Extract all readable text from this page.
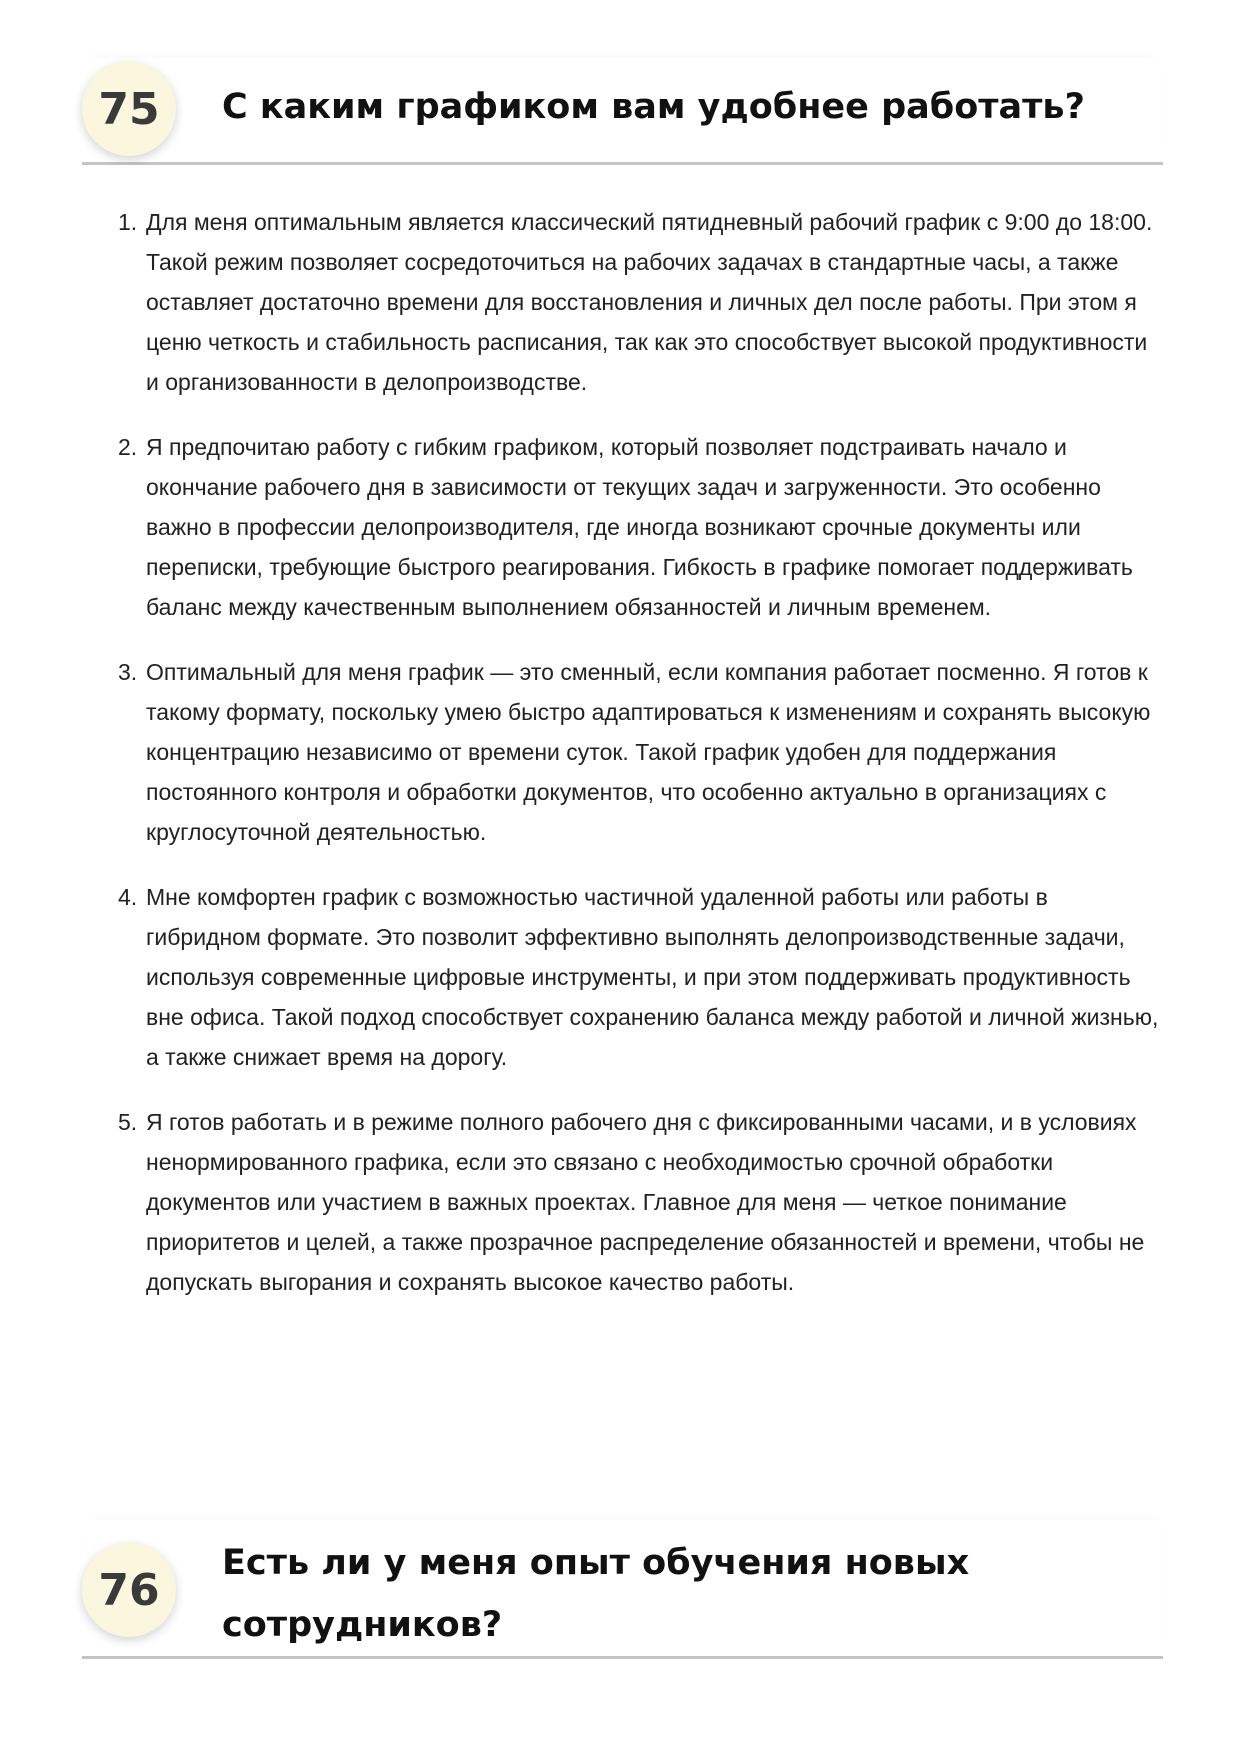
75	С каким графиком вам удобнее работать?
1. Для меня оптимальным является классический пятидневный рабочий график с 9:00 до 18:00. Такой режим позволяет сосредоточиться на рабочих задачах в стандартные часы, а также оставляет достаточно времени для восстановления и личных дел после работы. При этом я ценю четкость и стабильность расписания, так как это способствует высокой продуктивности и организованности в делопроизводстве.
2. Я предпочитаю работу с гибким графиком, который позволяет подстраивать начало и окончание рабочего дня в зависимости от текущих задач и загруженности. Это особенно важно в профессии делопроизводителя, где иногда возникают срочные документы или переписки, требующие быстрого реагирования. Гибкость в графике помогает поддерживать баланс между качественным выполнением обязанностей и личным временем.
3. Оптимальный для меня график — это сменный, если компания работает посменно. Я готов к такому формату, поскольку умею быстро адаптироваться к изменениям и сохранять высокую концентрацию независимо от времени суток. Такой график удобен для поддержания постоянного контроля и обработки документов, что особенно актуально в организациях с круглосуточной деятельностью.
4. Мне комфортен график с возможностью частичной удаленной работы или работы в гибридном формате. Это позволит эффективно выполнять делопроизводственные задачи, используя современные цифровые инструменты, и при этом поддерживать продуктивность вне офиса. Такой подход способствует сохранению баланса между работой и личной жизнью, а также снижает время на дорогу.
5. Я готов работать и в режиме полного рабочего дня с фиксированными часами, и в условиях ненормированного графика, если это связано с необходимостью срочной обработки документов или участием в важных проектах. Главное для меня — четкое понимание приоритетов и целей, а также прозрачное распределение обязанностей и времени, чтобы не допускать выгорания и сохранять высокое качество работы.
76
Есть ли у меня опыт обучения новых сотрудников?
